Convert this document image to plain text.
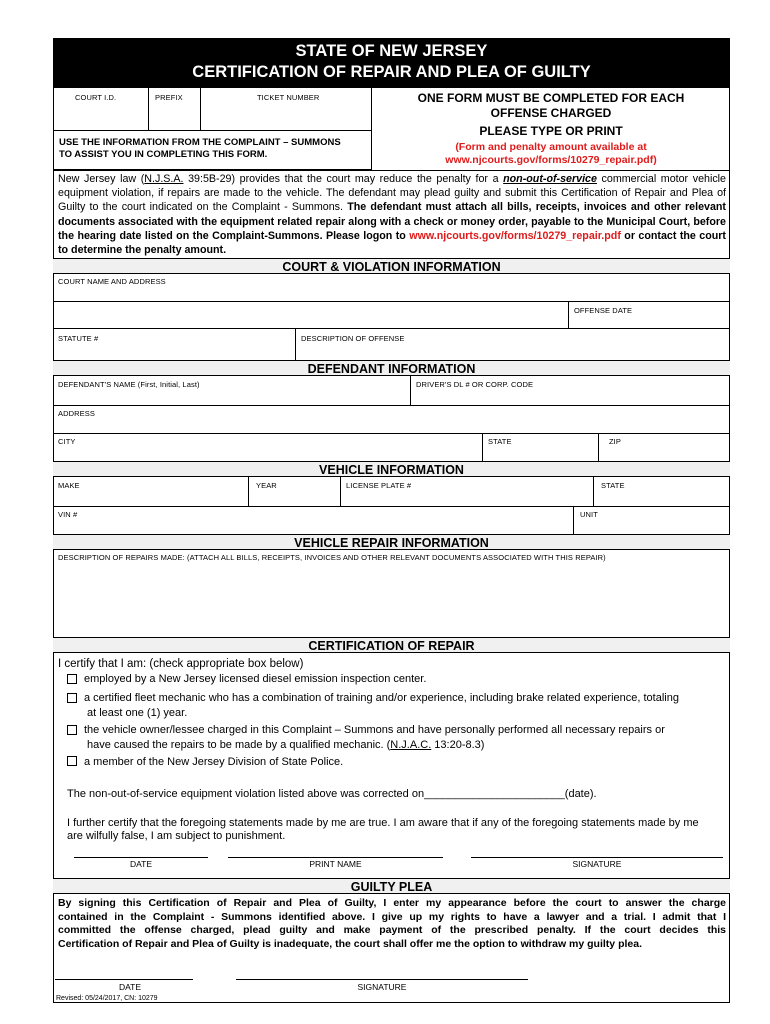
STATE OF NEW JERSEY
CERTIFICATION OF REPAIR AND PLEA OF GUILTY
COURT I.D.	PREFIX	TICKET NUMBER
USE THE INFORMATION FROM THE COMPLAINT – SUMMONS
TO ASSIST YOU IN COMPLETING THIS FORM.
ONE FORM MUST BE COMPLETED FOR EACH
OFFENSE CHARGED
PLEASE TYPE OR PRINT
(Form and penalty amount available at
www.njcourts.gov/forms/10279_repair.pdf)
New Jersey law (N.J.S.A. 39:5B-29) provides that the court may reduce the penalty for a non-out-of-service commercial motor vehicle equipment violation, if repairs are made to the vehicle. The defendant may plead guilty and submit this Certification of Repair and Plea of Guilty to the court indicated on the Complaint - Summons. The defendant must attach all bills, receipts, invoices and other relevant documents associated with the equipment related repair along with a check or money order, payable to the Municipal Court, before the hearing date listed on the Complaint-Summons. Please logon to www.njcourts.gov/forms/10279_repair.pdf or contact the court to determine the penalty amount.
COURT & VIOLATION INFORMATION
COURT NAME AND ADDRESS
OFFENSE DATE
STATUTE #	DESCRIPTION OF OFFENSE
DEFENDANT INFORMATION
DEFENDANT'S NAME (First, Initial, Last)	DRIVER'S DL # OR CORP. CODE
ADDRESS
CITY	STATE	ZIP
VEHICLE INFORMATION
MAKE	YEAR	LICENSE PLATE #	STATE
VIN #	UNIT
VEHICLE REPAIR INFORMATION
DESCRIPTION OF REPAIRS MADE: (ATTACH ALL BILLS, RECEIPTS, INVOICES AND OTHER RELEVANT DOCUMENTS ASSOCIATED WITH THIS REPAIR)
CERTIFICATION OF REPAIR
I certify that I am: (check appropriate box below)
employed by a New Jersey licensed diesel emission inspection center.
a certified fleet mechanic who has a combination of training and/or experience, including brake related experience, totaling
at least one (1) year.
the vehicle owner/lessee charged in this Complaint – Summons and have personally performed all necessary repairs or
have caused the repairs to be made by a qualified mechanic. (N.J.A.C. 13:20-8.3)
a member of the New Jersey Division of State Police.
The non-out-of-service equipment violation listed above was corrected on_______________________(date).
I further certify that the foregoing statements made by me are true. I am aware that if any of the foregoing statements made by me
are wilfully false, I am subject to punishment.
DATE	PRINT NAME	SIGNATURE
GUILTY PLEA
By signing this Certification of Repair and Plea of Guilty, I enter my appearance before the court to answer the charge
contained in the Complaint - Summons identified above. I give up my rights to have a lawyer and a trial. I admit that I
committed the offense charged, plead guilty and make payment of the prescribed penalty. If the court decides this
Certification of Repair and Plea of Guilty is inadequate, the court shall offer me the option to withdraw my guilty plea.
DATE	SIGNATURE
Revised: 05/24/2017, CN: 10279
